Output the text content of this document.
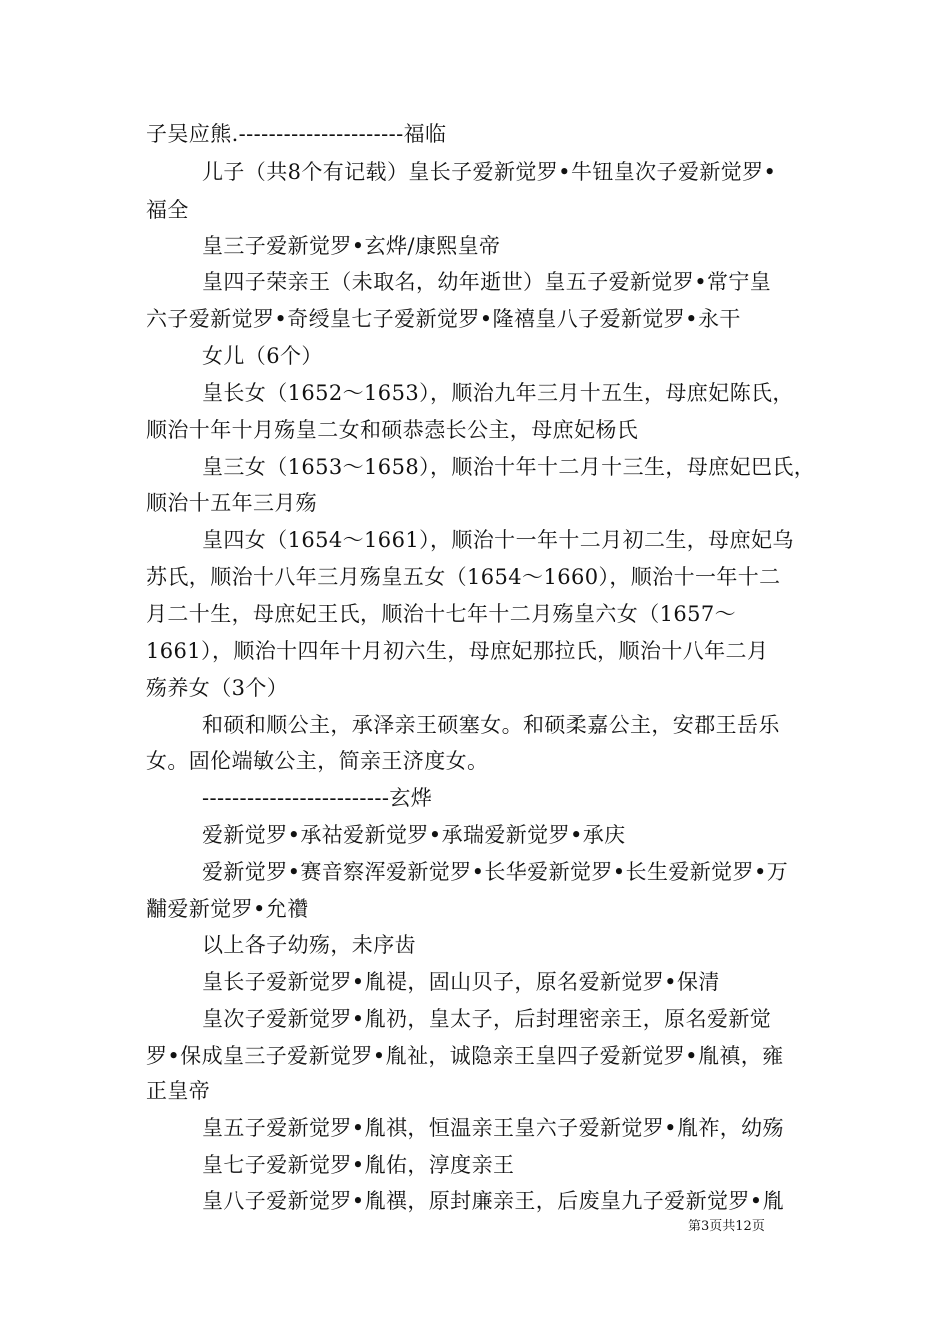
子吴应熊.----------------------福临
儿子（共8个有记载）皇长子爱新觉罗•牛钮皇次子爱新觉罗•
福全
皇三子爱新觉罗•玄烨/康熙皇帝
皇四子荣亲王（未取名，幼年逝世）皇五子爱新觉罗•常宁皇
六子爱新觉罗•奇绶皇七子爱新觉罗•隆禧皇八子爱新觉罗•永干
女儿（6个）
皇长女（1652～1653），顺治九年三月十五生，母庶妃陈氏，
顺治十年十月殇皇二女和硕恭悫长公主，母庶妃杨氏
皇三女（1653～1658），顺治十年十二月十三生，母庶妃巴氏，
顺治十五年三月殇
皇四女（1654～1661），顺治十一年十二月初二生，母庶妃乌
苏氏，顺治十八年三月殇皇五女（1654～1660），顺治十一年十二
月二十生，母庶妃王氏，顺治十七年十二月殇皇六女（1657～
1661），顺治十四年十月初六生，母庶妃那拉氏，顺治十八年二月
殇养女（3个）
和硕和顺公主，承泽亲王硕塞女。和硕柔嘉公主，安郡王岳乐
女。固伦端敏公主，简亲王济度女。
-------------------------玄烨
爱新觉罗•承祜爱新觉罗•承瑞爱新觉罗•承庆
爱新觉罗•赛音察浑爱新觉罗•长华爱新觉罗•长生爱新觉罗•万
黼爱新觉罗•允禶
以上各子幼殇，未序齿
皇长子爱新觉罗•胤禔，固山贝子，原名爱新觉罗•保清
皇次子爱新觉罗•胤礽，皇太子，后封理密亲王，原名爱新觉
罗•保成皇三子爱新觉罗•胤祉，诚隐亲王皇四子爱新觉罗•胤禛，雍
正皇帝
皇五子爱新觉罗•胤祺，恒温亲王皇六子爱新觉罗•胤祚，幼殇
皇七子爱新觉罗•胤佑，淳度亲王
皇八子爱新觉罗•胤禩，原封廉亲王，后废皇九子爱新觉罗•胤
第3页共12页
